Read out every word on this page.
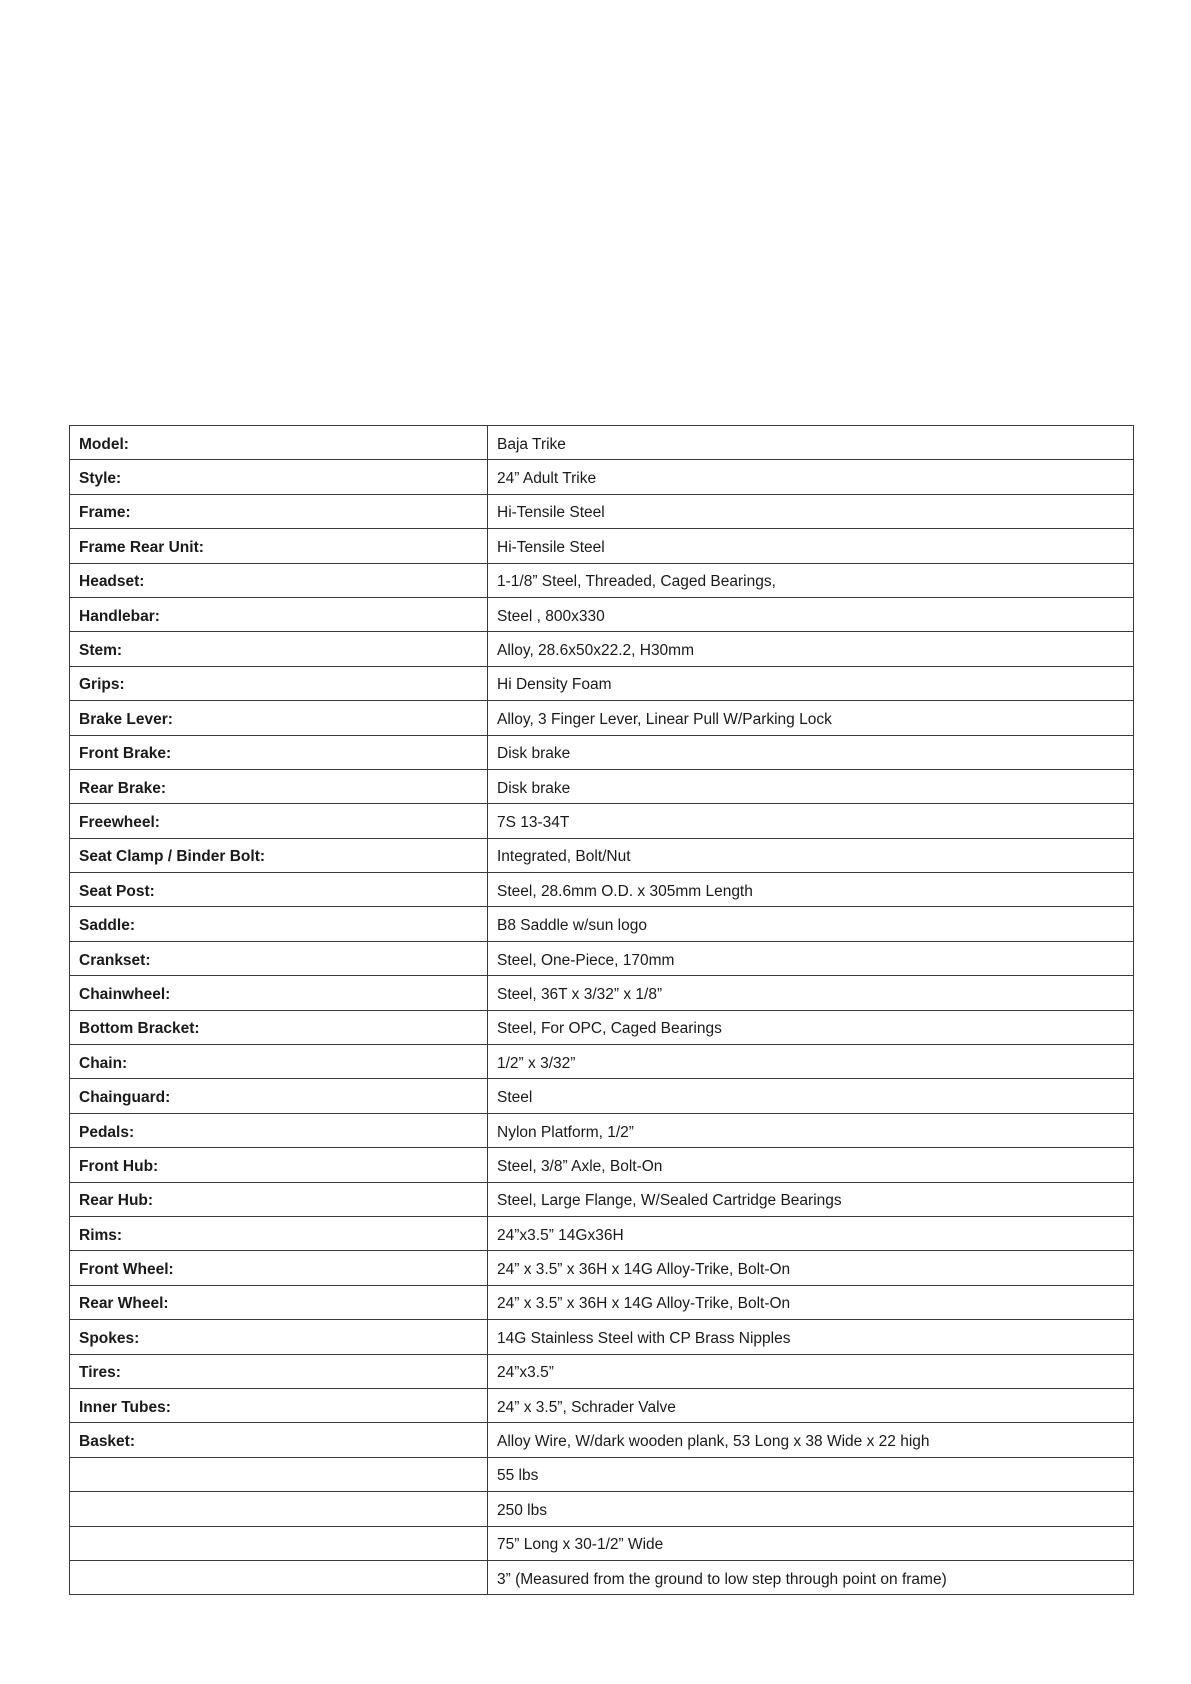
Model:	Baja Trike
Style:	24” Adult Trike
Frame:	Hi-Tensile Steel
Frame Rear Unit:	Hi-Tensile Steel
Headset:	1-1/8” Steel, Threaded, Caged Bearings,
Handlebar:	Steel , 800x330
Stem:	Alloy, 28.6x50x22.2, H30mm
Grips:	Hi Density Foam
Brake Lever:	Alloy, 3 Finger Lever, Linear Pull W/Parking Lock
Front Brake:	Disk brake
Rear Brake:	Disk brake
Freewheel:	7S 13-34T
Seat Clamp / Binder Bolt:	Integrated, Bolt/Nut
Seat Post:	Steel, 28.6mm O.D. x 305mm Length
Saddle:	B8 Saddle w/sun logo
Crankset:	Steel, One-Piece, 170mm
Chainwheel:	Steel, 36T x 3/32” x 1/8”
Bottom Bracket:	Steel, For OPC, Caged Bearings
Chain:	1/2” x 3/32”
Chainguard:	Steel
Pedals:	Nylon Platform, 1/2”
Front Hub:	Steel, 3/8” Axle, Bolt-On
Rear Hub:	Steel, Large Flange, W/Sealed Cartridge Bearings
Rims:	24”x3.5” 14Gx36H
Front Wheel:	24” x 3.5” x 36H x 14G Alloy-Trike, Bolt-On
Rear Wheel:	24” x 3.5” x 36H x 14G Alloy-Trike, Bolt-On
Spokes:	14G Stainless Steel with CP Brass Nipples
Tires:	24”x3.5”
Inner Tubes:	24” x 3.5”, Schrader Valve
Basket:	Alloy Wire, W/dark wooden plank, 53 Long x 38 Wide x 22 high
	55 lbs
	250 lbs
	75” Long x 30-1/2” Wide
	3” (Measured from the ground to low step through point on frame)
